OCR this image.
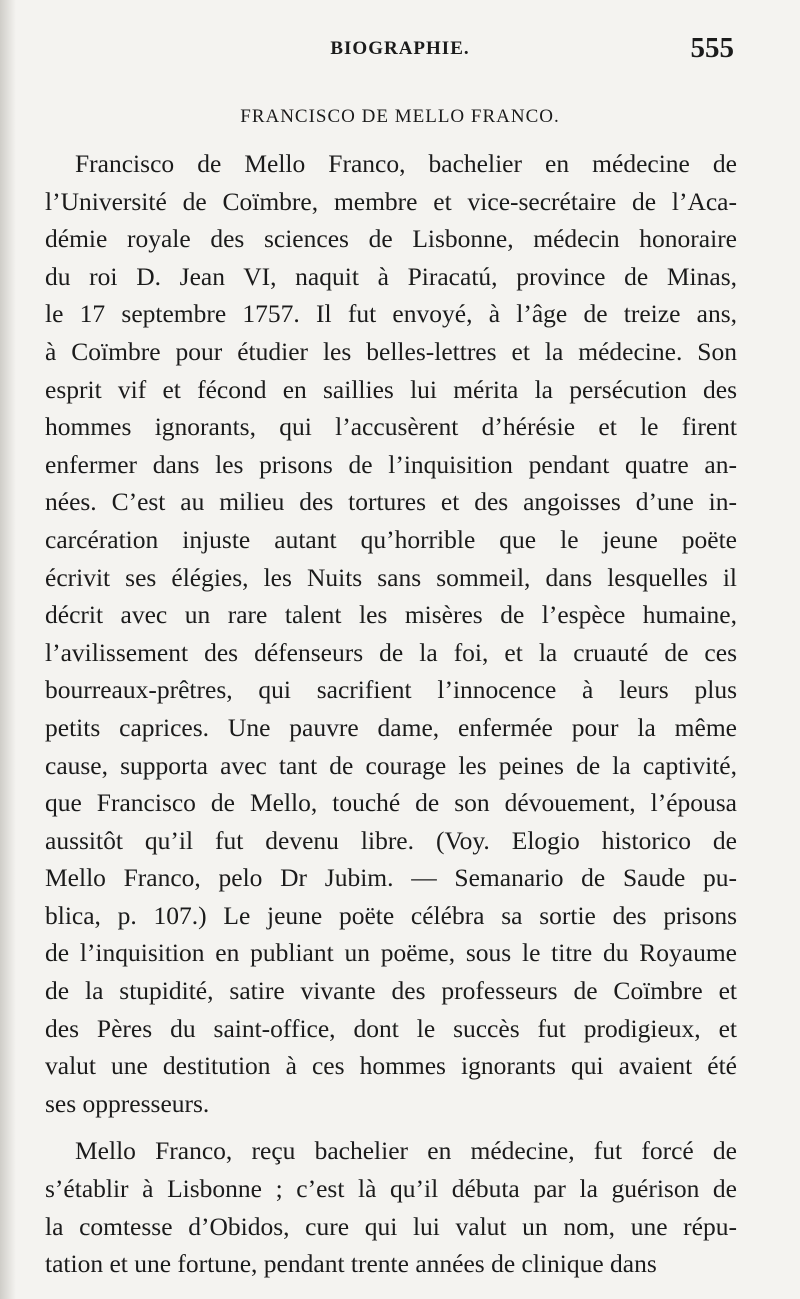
BIOGRAPHIE.	555
FRANCISCO DE MELLO FRANCO.
Francisco de Mello Franco, bachelier en médecine de
l’Université de Coïmbre, membre et vice-secrétaire de l’Aca-
démie royale des sciences de Lisbonne, médecin honoraire
du roi D. Jean VI, naquit à Piracatú, province de Minas,
le 17 septembre 1757. Il fut envoyé, à l’âge de treize ans,
à Coïmbre pour étudier les belles-lettres et la médecine. Son
esprit vif et fécond en saillies lui mérita la persécution des
hommes ignorants, qui l’accusèrent d’hérésie et le firent
enfermer dans les prisons de l’inquisition pendant quatre an-
nées. C’est au milieu des tortures et des angoisses d’une in-
carcération injuste autant qu’horrible que le jeune poëte
écrivit ses élégies, les Nuits sans sommeil, dans lesquelles il
décrit avec un rare talent les misères de l’espèce humaine,
l’avilissement des défenseurs de la foi, et la cruauté de ces
bourreaux-prêtres, qui sacrifient l’innocence à leurs plus
petits caprices. Une pauvre dame, enfermée pour la même
cause, supporta avec tant de courage les peines de la captivité,
que Francisco de Mello, touché de son dévouement, l’épousa
aussitôt qu’il fut devenu libre. (Voy. Elogio historico de
Mello Franco, pelo Dr Jubim. — Semanario de Saude pu-
blica, p. 107.) Le jeune poëte célébra sa sortie des prisons
de l’inquisition en publiant un poëme, sous le titre du Royaume
de la stupidité, satire vivante des professeurs de Coïmbre et
des Pères du saint-office, dont le succès fut prodigieux, et
valut une destitution à ces hommes ignorants qui avaient été
ses oppresseurs.
Mello Franco, reçu bachelier en médecine, fut forcé de
s’établir à Lisbonne ; c’est là qu’il débuta par la guérison de
la comtesse d’Obidos, cure qui lui valut un nom, une répu-
tation et une fortune, pendant trente années de clinique dans
